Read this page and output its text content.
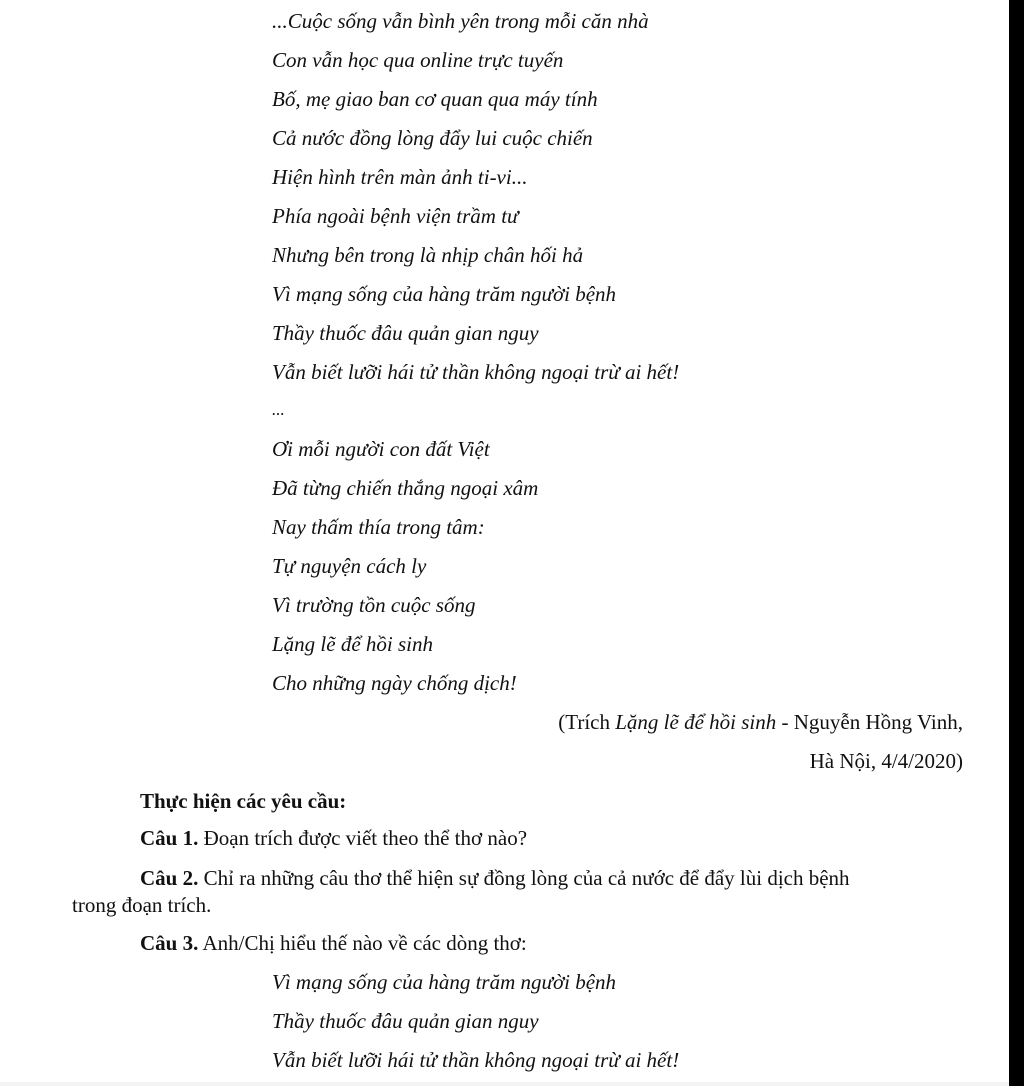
...Cuộc sống vẫn bình yên trong mỗi căn nhà
Con vẫn học qua online trực tuyến
Bố, mẹ giao ban cơ quan qua máy tính
Cả nước đồng lòng đẩy lui cuộc chiến
Hiện hình trên màn ảnh ti-vi...
Phía ngoài bệnh viện trầm tư
Nhưng bên trong là nhịp chân hối hả
Vì mạng sống của hàng trăm người bệnh
Thầy thuốc đâu quản gian nguy
Vẫn biết lưỡi hái tử thần không ngoại trừ ai hết!
...
Ơi mỗi người con đất Việt
Đã từng chiến thắng ngoại xâm
Nay thấm thía trong tâm:
Tự nguyện cách ly
Vì trường tồn cuộc sống
Lặng lẽ để hồi sinh
Cho những ngày chống dịch!
(Trích Lặng lẽ để hồi sinh - Nguyễn Hồng Vinh,
Hà Nội, 4/4/2020)
Thực hiện các yêu cầu:
Câu 1. Đoạn trích được viết theo thể thơ nào?
Câu 2. Chỉ ra những câu thơ thể hiện sự đồng lòng của cả nước để đẩy lùi dịch bệnh
trong đoạn trích.
Câu 3. Anh/Chị hiểu thế nào về các dòng thơ:
Vì mạng sống của hàng trăm người bệnh
Thầy thuốc đâu quản gian nguy
Vẫn biết lưỡi hái tử thần không ngoại trừ ai hết!
